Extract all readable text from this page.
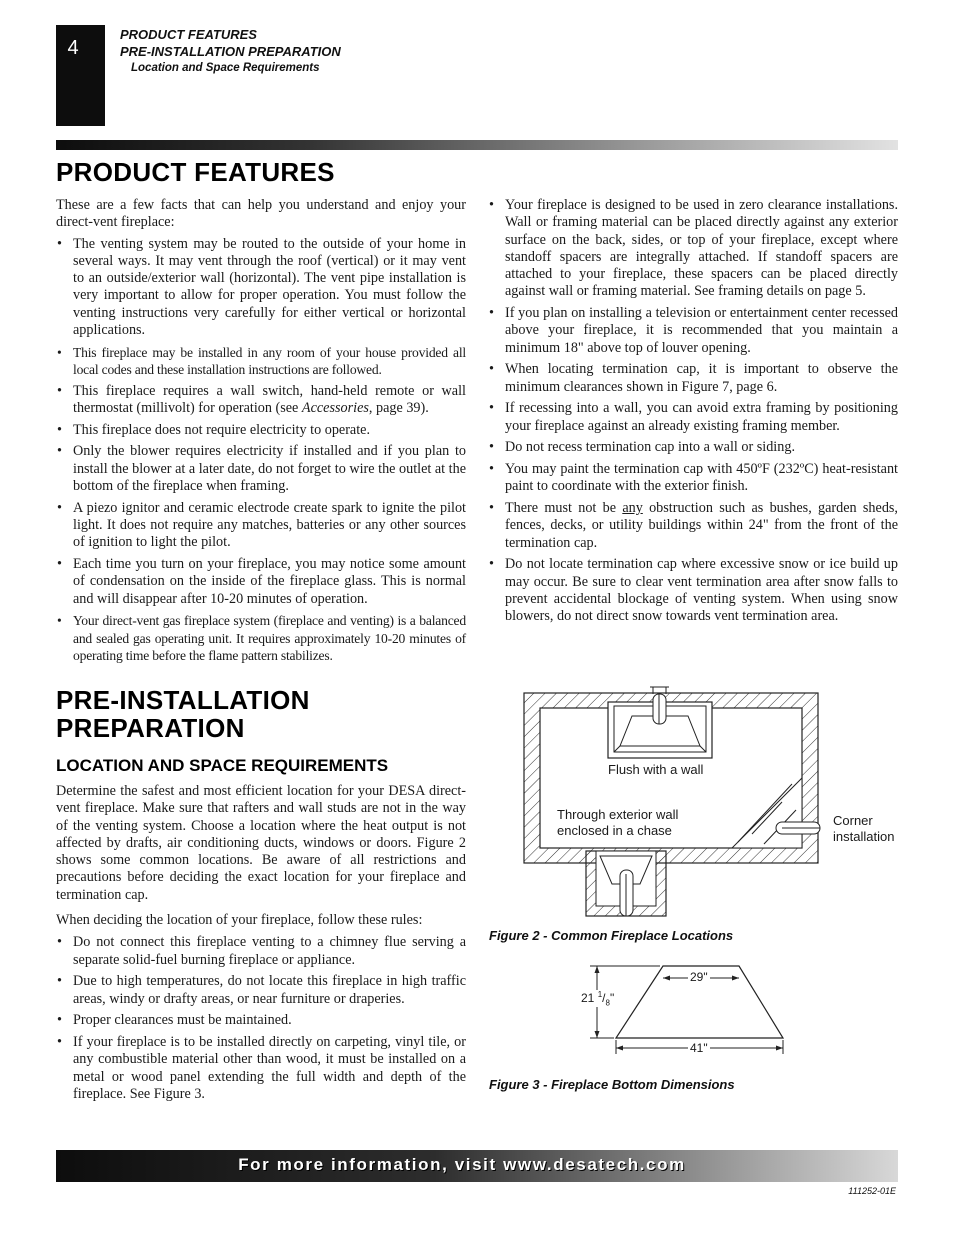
4
PRODUCT FEATURES
PRE-INSTALLATION PREPARATION
Location and Space Requirements
PRODUCT FEATURES

These are a few facts that can help you understand and enjoy your direct-vent fireplace:

• The venting system may be routed to the outside of your home in several ways. It may vent through the roof (vertical) or it may vent to an outside/exterior wall (horizontal). The vent pipe installation is very important to allow for proper operation. You must follow the venting instructions very carefully for either vertical or horizontal applications.
• This fireplace may be installed in any room of your house provided all local codes and these installation instructions are followed.
• This fireplace requires a wall switch, hand-held remote or wall thermostat (millivolt) for operation (see Accessories, page 39).
• This fireplace does not require electricity to operate.
• Only the blower requires electricity if installed and if you plan to install the blower at a later date, do not forget to wire the outlet at the bottom of the fireplace when framing.
• A piezo ignitor and ceramic electrode create spark to ignite the pilot light. It does not require any matches, batteries or any other sources of ignition to light the pilot.
• Each time you turn on your fireplace, you may notice some amount of condensation on the inside of the fireplace glass. This is normal and will disappear after 10-20 minutes of operation.
• Your direct-vent gas fireplace system (fireplace and venting) is a balanced and sealed gas operating unit. It requires approximately 10-20 minutes of operating time before the flame pattern stabilizes.
• Your fireplace is designed to be used in zero clearance installations. Wall or framing material can be placed directly against any exterior surface on the back, sides, or top of your fireplace, except where standoff spacers are integrally attached. If standoff spacers are attached to your fireplace, these spacers can be placed directly against wall or framing material. See framing details on page 5.
• If you plan on installing a television or entertainment center recessed above your fireplace, it is recommended that you maintain a minimum 18" above top of louver opening.
• When locating termination cap, it is important to observe the minimum clearances shown in Figure 7, page 6.
• If recessing into a wall, you can avoid extra framing by positioning your fireplace against an already existing framing member.
• Do not recess termination cap into a wall or siding.
• You may paint the termination cap with 450ºF (232ºC) heat-resistant paint to coordinate with the exterior finish.
• There must not be any obstruction such as bushes, garden sheds, fences, decks, or utility buildings within 24" from the front of the termination cap.
• Do not locate termination cap where excessive snow or ice build up may occur. Be sure to clear vent termination area after snow falls to prevent accidental blockage of venting system. When using snow blowers, do not direct snow towards vent termination area.
PRE-INSTALLATION
PREPARATION
LOCATION AND SPACE REQUIREMENTS

Determine the safest and most efficient location for your DESA direct-vent fireplace. Make sure that rafters and wall studs are not in the way of the venting system. Choose a location where the heat output is not affected by drafts, air conditioning ducts, windows or doors. Figure 2 shows some common locations. Be aware of all restrictions and precautions before deciding the exact location for your fireplace and termination cap.

When deciding the location of your fireplace, follow these rules:

• Do not connect this fireplace venting to a chimney flue serving a separate solid-fuel burning fireplace or appliance.
• Due to high temperatures, do not locate this fireplace in high traffic areas, windy or drafty areas, or near furniture or draperies.
• Proper clearances must be maintained.
• If your fireplace is to be installed directly on carpeting, vinyl tile, or any combustible material other than wood, it must be installed on a metal or wood panel extending the full width and depth of the fireplace. See Figure 3.
Flush with a wall
Through exterior wall
enclosed in a chase
Corner
installation
Figure 2 - Common Fireplace Locations
29"
41"
21 $^1/_8$"
Figure 3 - Fireplace Bottom Dimensions
For more information, visit www.desatech.com
111252-01E
